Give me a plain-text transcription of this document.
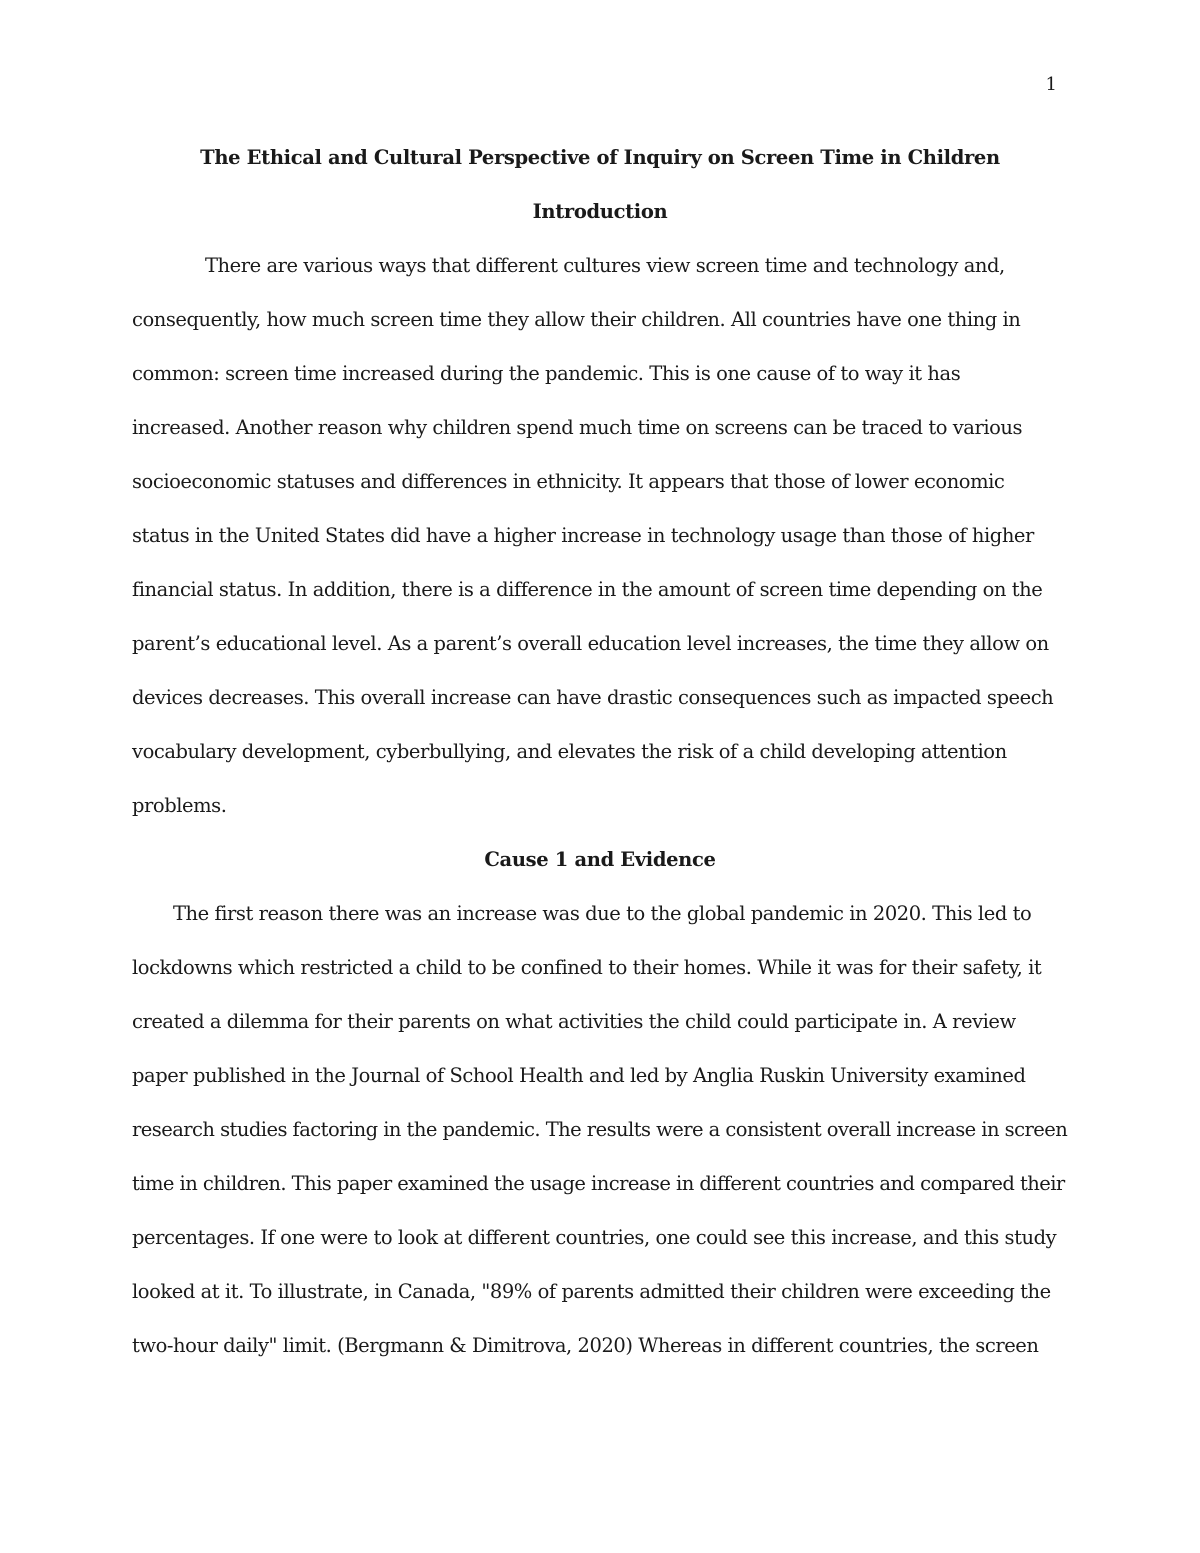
1
The Ethical and Cultural Perspective of Inquiry on Screen Time in Children
Introduction
There are various ways that different cultures view screen time and technology and,
consequently, how much screen time they allow their children. All countries have one thing in
common: screen time increased during the pandemic. This is one cause of to way it has
increased. Another reason why children spend much time on screens can be traced to various
socioeconomic statuses and differences in ethnicity. It appears that those of lower economic
status in the United States did have a higher increase in technology usage than those of higher
financial status. In addition, there is a difference in the amount of screen time depending on the
parent’s educational level. As a parent’s overall education level increases, the time they allow on
devices decreases. This overall increase can have drastic consequences such as impacted speech
vocabulary development, cyberbullying, and elevates the risk of a child developing attention
problems.
Cause 1 and Evidence
The first reason there was an increase was due to the global pandemic in 2020. This led to
lockdowns which restricted a child to be confined to their homes. While it was for their safety, it
created a dilemma for their parents on what activities the child could participate in. A review
paper published in the Journal of School Health and led by Anglia Ruskin University examined
research studies factoring in the pandemic. The results were a consistent overall increase in screen
time in children. This paper examined the usage increase in different countries and compared their
percentages. If one were to look at different countries, one could see this increase, and this study
looked at it. To illustrate, in Canada, "89% of parents admitted their children were exceeding the
two-hour daily" limit. (Bergmann & Dimitrova, 2020) Whereas in different countries, the screen
